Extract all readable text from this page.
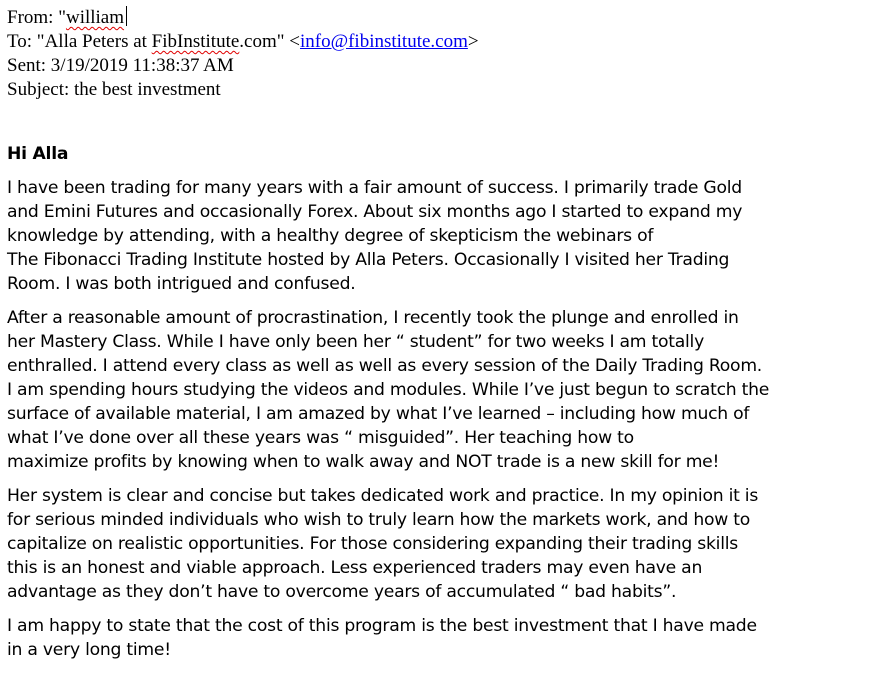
From: "william
To: "Alla Peters at FibInstitute.com" <info@fibinstitute.com>
Sent: 3/19/2019 11:38:37 AM
Subject: the best investment

Hi Alla

I have been trading for many years with a fair amount of success. I primarily trade Gold
and Emini Futures and occasionally Forex. About six months ago I started to expand my
knowledge by attending, with a healthy degree of skepticism the webinars of
The Fibonacci Trading Institute hosted by Alla Peters. Occasionally I visited her Trading
Room. I was both intrigued and confused.

After a reasonable amount of procrastination, I recently took the plunge and enrolled in
her Mastery Class. While I have only been her “ student” for two weeks I am totally
enthralled. I attend every class as well as well as every session of the Daily Trading Room.
I am spending hours studying the videos and modules. While I’ve just begun to scratch the
surface of available material, I am amazed by what I’ve learned – including how much of
what I’ve done over all these years was “ misguided”. Her teaching how to
maximize profits by knowing when to walk away and NOT trade is a new skill for me!

Her system is clear and concise but takes dedicated work and practice. In my opinion it is
for serious minded individuals who wish to truly learn how the markets work, and how to
capitalize on realistic opportunities. For those considering expanding their trading skills
this is an honest and viable approach. Less experienced traders may even have an
advantage as they don’t have to overcome years of accumulated “ bad habits”.

I am happy to state that the cost of this program is the best investment that I have made
in a very long time!
